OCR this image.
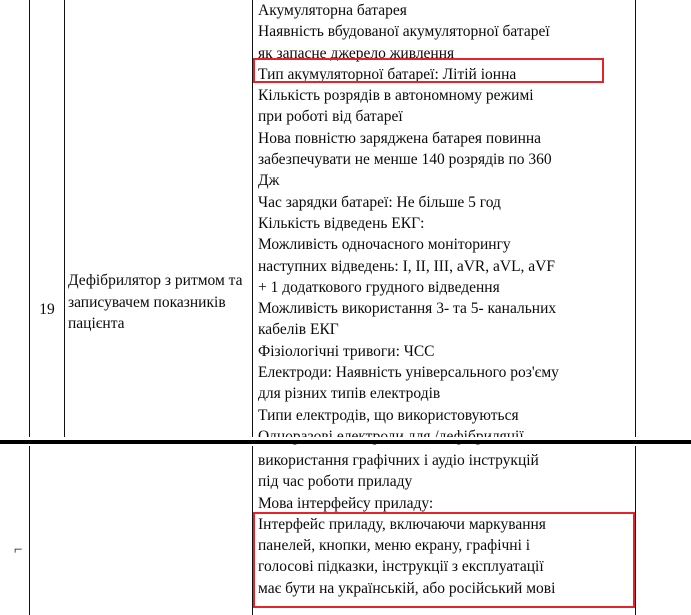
19
Дефібрилятор з ритмом та записувачем показників пацієнта
Акумуляторна батарея
Наявність вбудованої акумуляторної батареї
як запасне джерело живлення
Тип акумуляторної батареї: Літій іонна
Кількість розрядів в автономному режимі
при роботі від батареї
Нова повністю заряджена батарея повинна
забезпечувати не менше 140 розрядів по 360
Дж
Час зарядки батареї: Не більше 5 год
Кількість відведень ЕКГ:
Можливість одночасного моніторингу
наступних відведень: I, II, III, aVR, aVL, aVF
+ 1 додаткового грудного відведення
Можливість використання 3- та 5- канальних
кабелів ЕКГ
Фізіологічні тривоги: ЧСС
Електроди: Наявність універсального роз'єму
для різних типів електродів
Типи електродів, що використовуються
⌐
використання графічних і аудіо інструкцій
під час роботи приладу
Мова інтерфейсу приладу:
Інтерфейс приладу, включаючи маркування
панелей, кнопки, меню екрану, графічні і
голосові підказки, інструкції з експлуатації
має бути на українській, або російський мові
